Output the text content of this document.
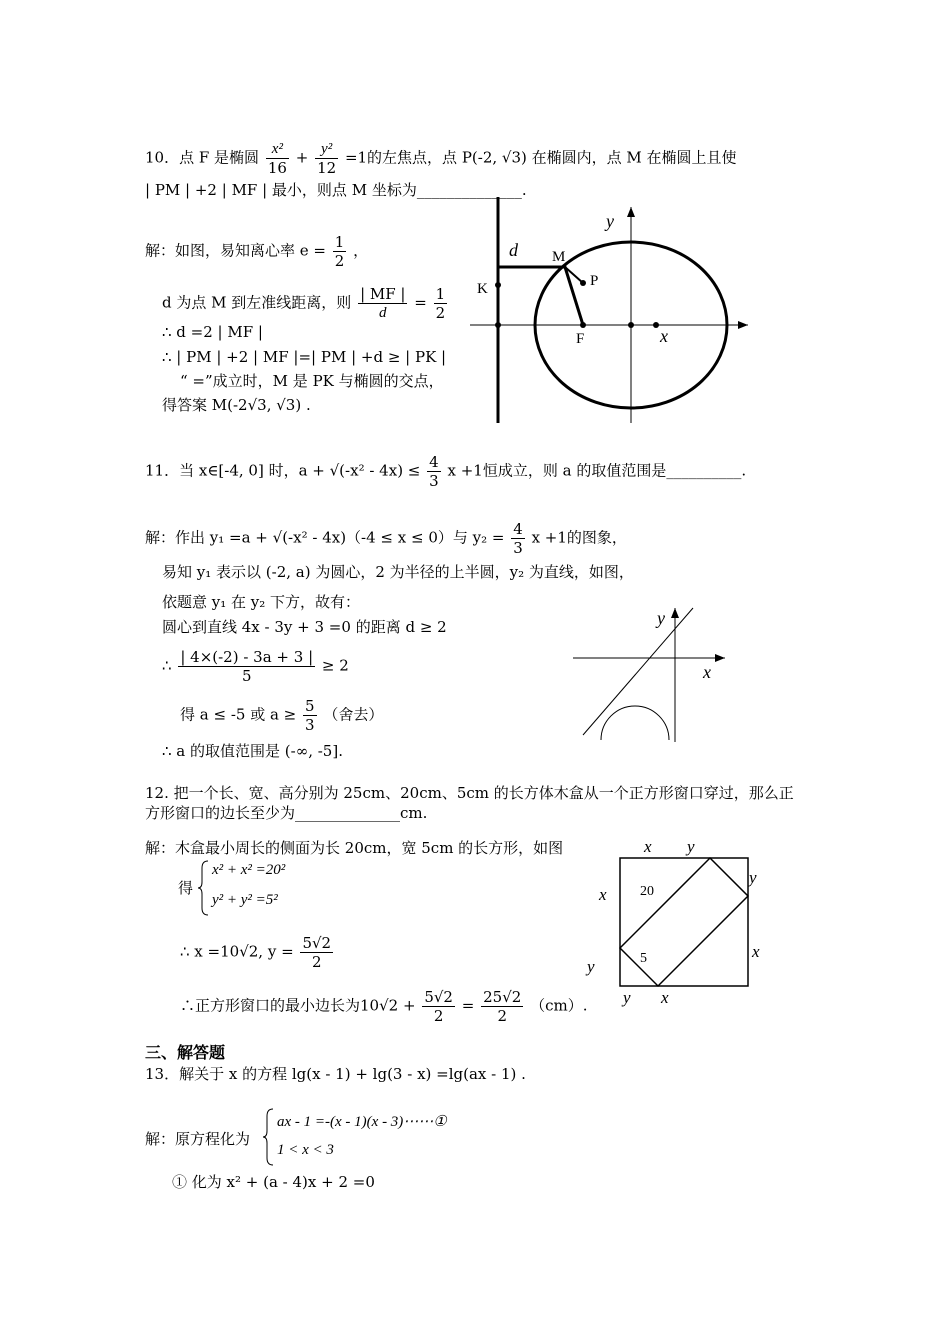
10．点 F 是椭圆 $\frac{\text{x²}}{16} + \frac{\text{y²}}{12} =1$的左焦点，点 P(-2, √3) 在椭圆内，点 M 在椭圆上且使
| PM | +2 | MF | 最小，则点 M 坐标为______________.
解：如图，易知离心率 $e = \frac{1}{2}$ ，
d 为点 M 到左准线距离，则 $\frac{| MF |}{d} = \frac{1}{2}$
∴ d =2 | MF |
∴ | PM | +2 | MF |=| PM | +d ≥ | PK |
“ =”成立时，M 是 PK 与椭圆的交点，
得答案 M(-2√3, √3) .
y
x
d M
P
K
F
11．当 x∈[-4, 0] 时，$a + √(-x^2 - 4x) \le \frac{4}{3}$ x +1恒成立，则 a 的取值范围是__________.
解：作出 y₁ =a + √(-x² - 4x)（-4 ≤ x ≤ 0）与 $y_2 = \frac{4}{3}$ x +1的图象，
易知 y₁ 表示以 (-2, a) 为圆心，2 为半径的上半圆，y₂ 为直线，如图，
依题意 y₁ 在 y₂ 下方，故有：
圆心到直线 4x - 3y + 3 =0 的距离 d ≥ 2
∴ $\frac{| 4\times(-2) - 3a + 3 |}{5} \ge 2$
得 a ≤ -5 或 $a \ge \frac{5}{3}$ （舍去）
∴ a 的取值范围是 (-∞, -5].
y
x
12. 把一个长、宽、高分别为 25cm、20cm、5cm 的长方体木盒从一个正方形窗口穿过，那么正
方形窗口的边长至少为______________cm.
解：木盒最小周长的侧面为长 20cm，宽 5cm 的长方形，如图
得
x² + x² =20²
y² + y² =5²
∴ x =10√2, $y = \frac{5√2}{2}$
∴正方形窗口的最小边长为$10√2 + \frac{5√2}{2} = \frac{25√2}{2} (cm)$.
x y
y
x
x
y
y x
20
5
三、解答题
13．解关于 x 的方程 lg(x - 1) + lg(3 - x) =lg(ax - 1) .
解：原方程化为
ax - 1 =-(x - 1)(x - 3)⋯⋯①
1 < x < 3
① 化为 x² + (a - 4)x + 2 =0
